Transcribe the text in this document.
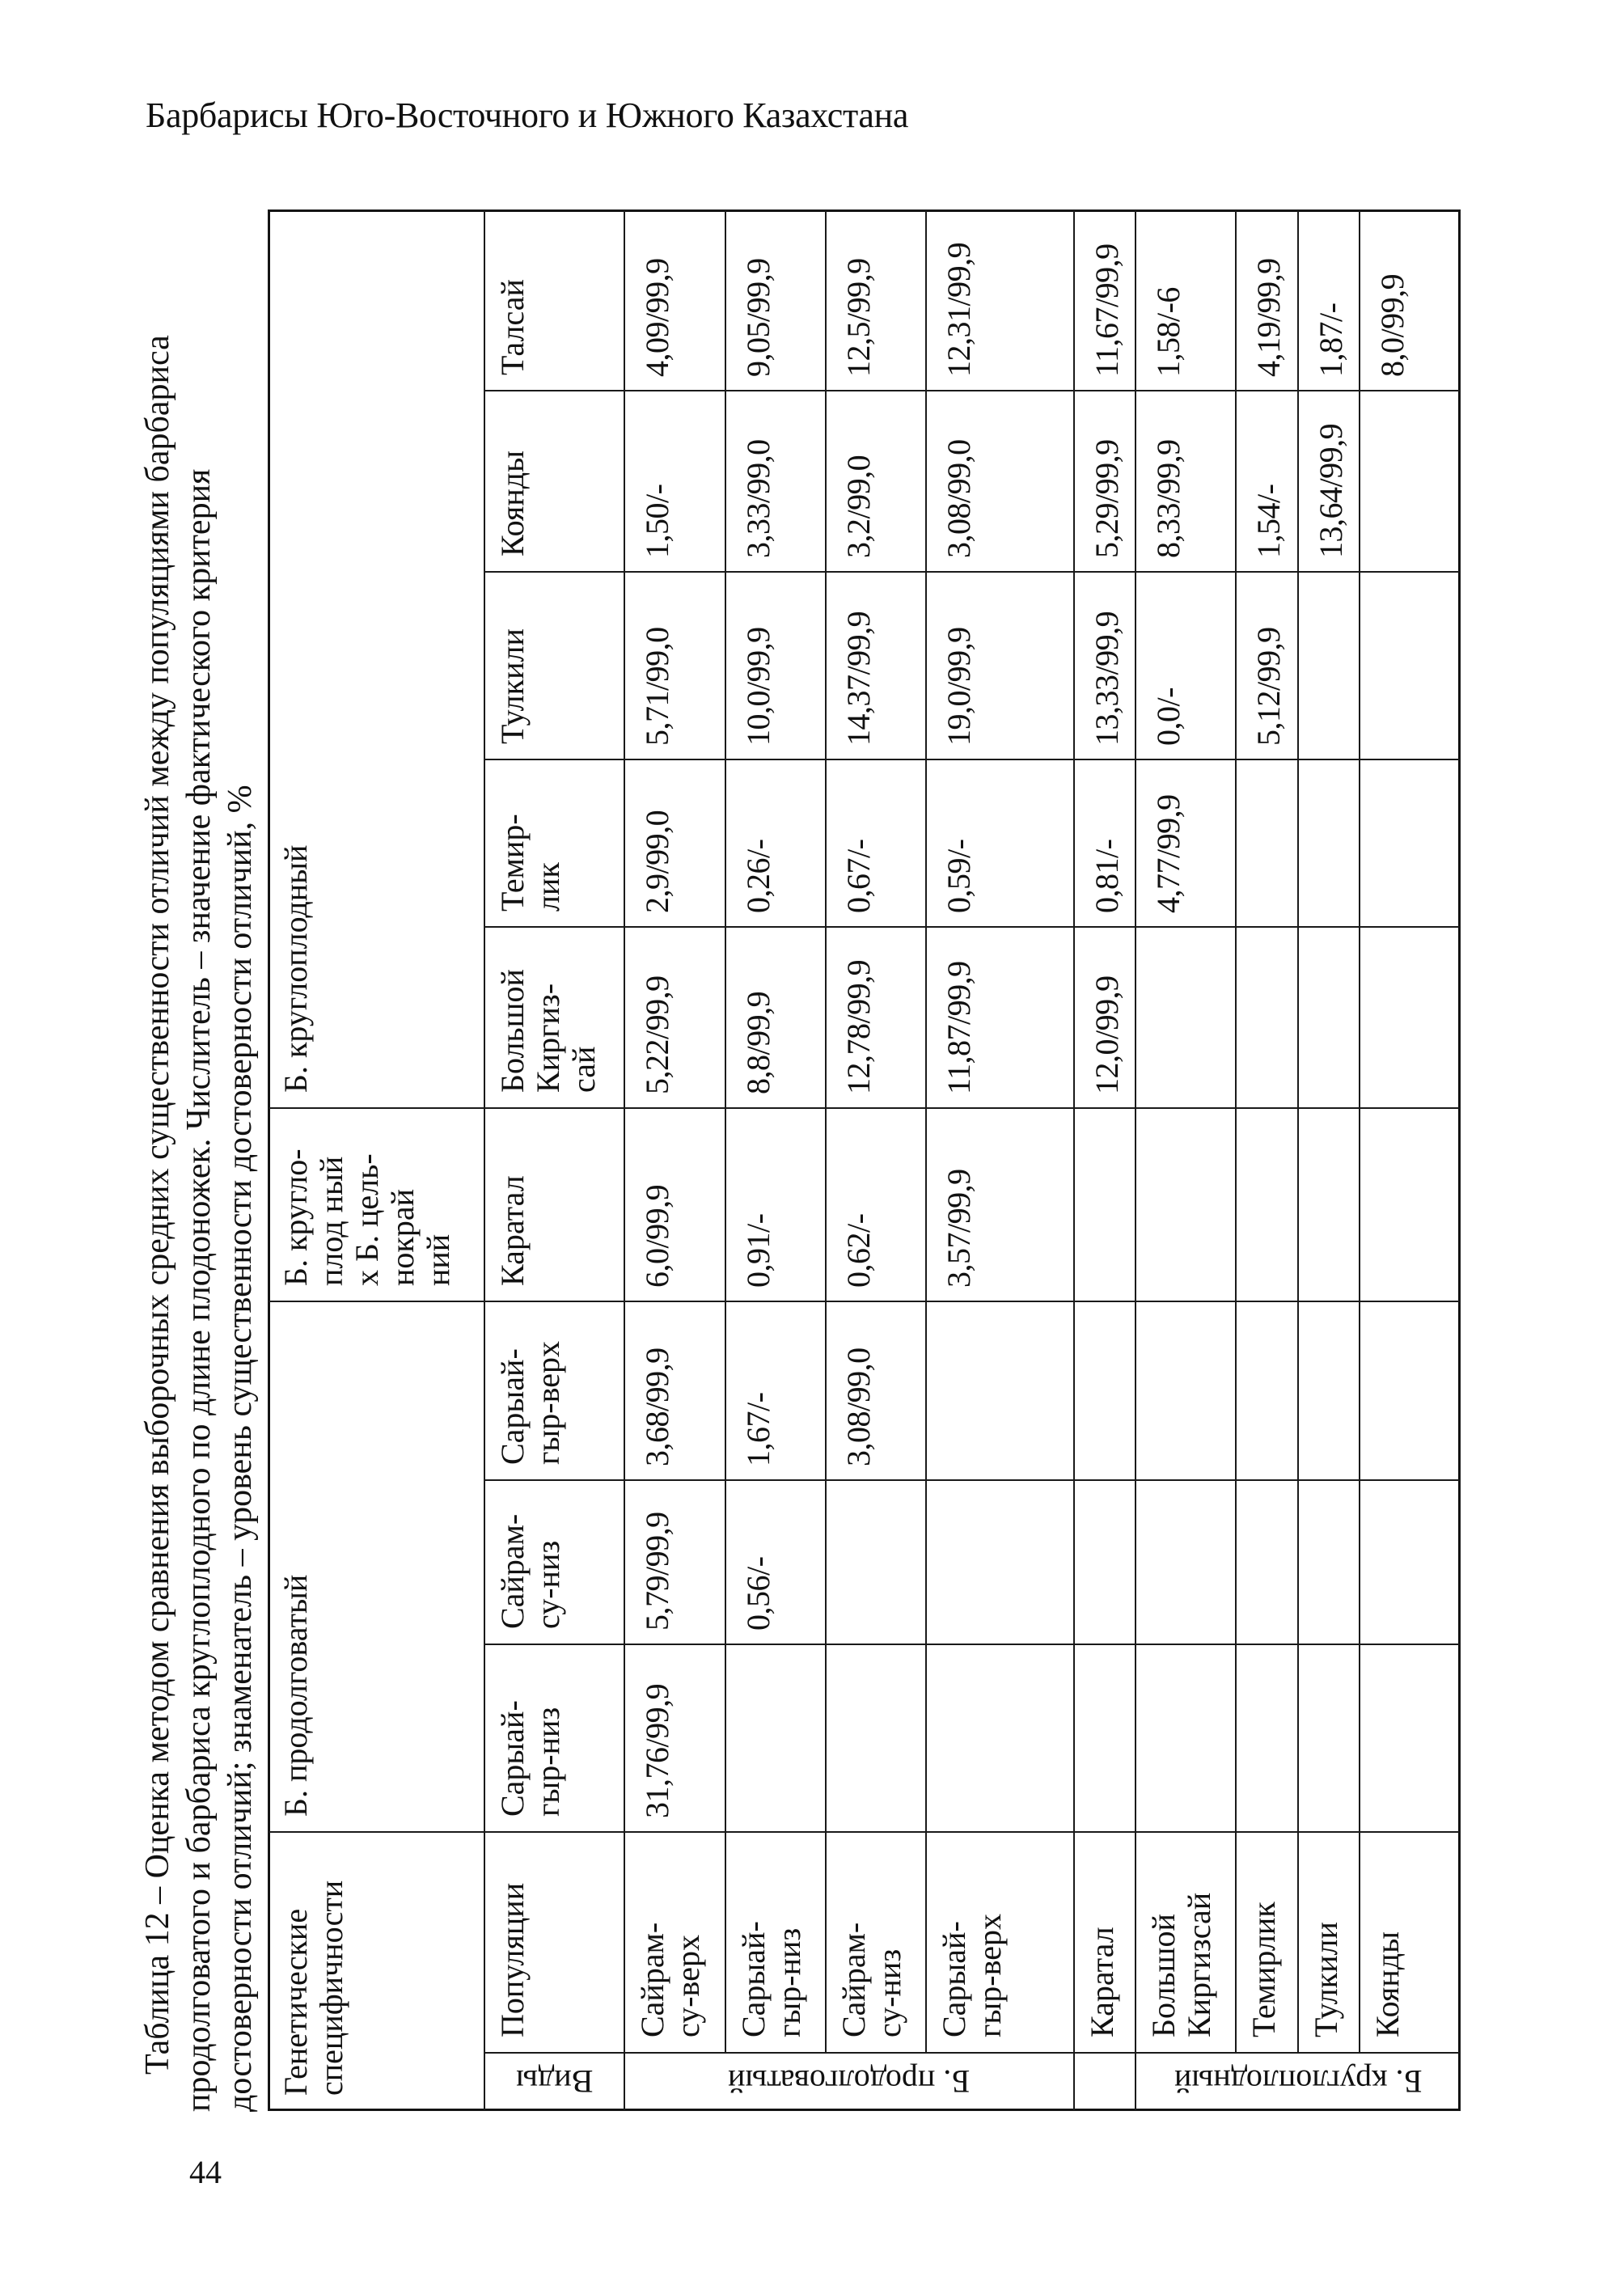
Барбарисы Юго-Восточного и Южного Казахстана
Таблица 12 – Оценка методом сравнения выборочных средних существенности отличий между популяциями барбариса продолговатого и барбариса круглоплодного по длине плодоножек. Числитель – значение фактического критерия достоверности отличий; знаменатель – уровень существенности достоверности отличий, % Генетические
специфичности
Б. продолговатый
Б. кругло-
плод ный
х Б. цель-
нокрай
ний
Б. круглоплодный
Виды
Популяции
Сарыай-
гыр-низ
Сайрам-
су-низ
Сарыай-
гыр-верх
Каратал
Большой
Киргиз-
сай
Темир-
лик
Тулкили
Коянды
Талсай
Б. продолговатый	Б. круглоплодный
Сайрам-
су-верх
31,76/99,9
5,79/99,9
3,68/99,9
6,0/99,9
5,22/99,9
2,9/99,0
5,71/99,0
1,50/-
4,09/99,9
Сарыай-
гыр-низ
0,56/-
1,67/-
0,91/-
8,8/99,9
0,26/-
10,0/99,9
3,33/99,0
9,05/99,9
Сайрам-
су-низ
3,08/99,0
0,62/-
12,78/99,9
0,67/-
14,37/99,9
3,2/99,0
12,5/99,9
Сарыай-
гыр-верх
3,57/99,9
11,87/99,9
0,59/-
19,0/99,9
3,08/99,0
12,31/99,9
Каратал
12,0/99,9
0,81/-
13,33/99,9
5,29/99,9
11,67/99,9
Большой
Киргизсай
4,77/99,9
0,0/-
8,33/99,9
1,58/-6
Темирлик
5,12/99,9
1,54/-
4,19/99,9
Тулкили
13,64/99,9
1,87/-
Коянды
8,0/99,9
44
